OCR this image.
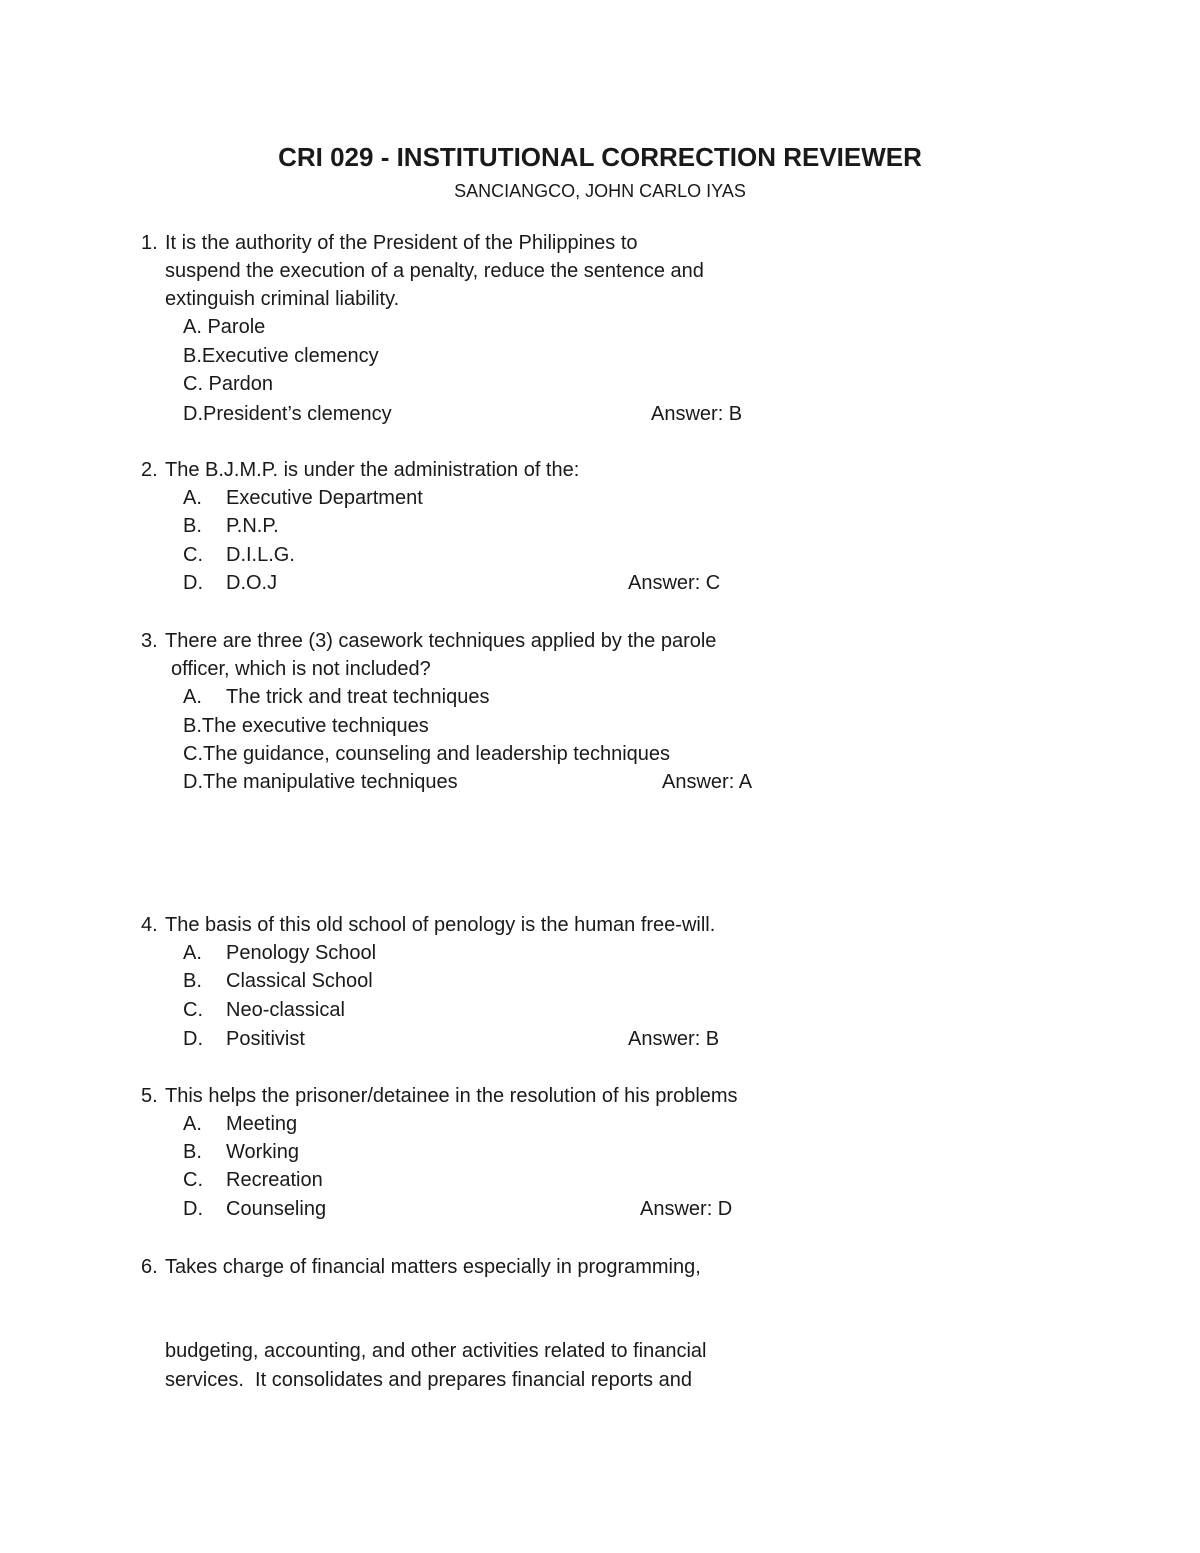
CRI 029 - INSTITUTIONAL CORRECTION REVIEWER
SANCIANGCO, JOHN CARLO IYAS
1. It is the authority of the President of the Philippines to
suspend the execution of a penalty, reduce the sentence and
extinguish criminal liability.
A. Parole
B.Executive clemency
C. Pardon
D.President’s clemency	Answer: B
2. The B.J.M.P. is under the administration of the:
A. Executive Department
B. P.N.P.
C. D.I.L.G.
D. D.O.J	Answer: C
3. There are three (3) casework techniques applied by the parole
officer, which is not included?
A. The trick and treat techniques
B.The executive techniques
C.The guidance, counseling and leadership techniques
D.The manipulative techniques	Answer: A
4. The basis of this old school of penology is the human free-will.
A. Penology School
B. Classical School
C. Neo-classical
D. Positivist	Answer: B
5. This helps the prisoner/detainee in the resolution of his problems
A. Meeting
B. Working
C. Recreation
D. Counseling	Answer: D
6. Takes charge of financial matters especially in programming,
budgeting, accounting, and other activities related to financial
services.  It consolidates and prepares financial reports and
